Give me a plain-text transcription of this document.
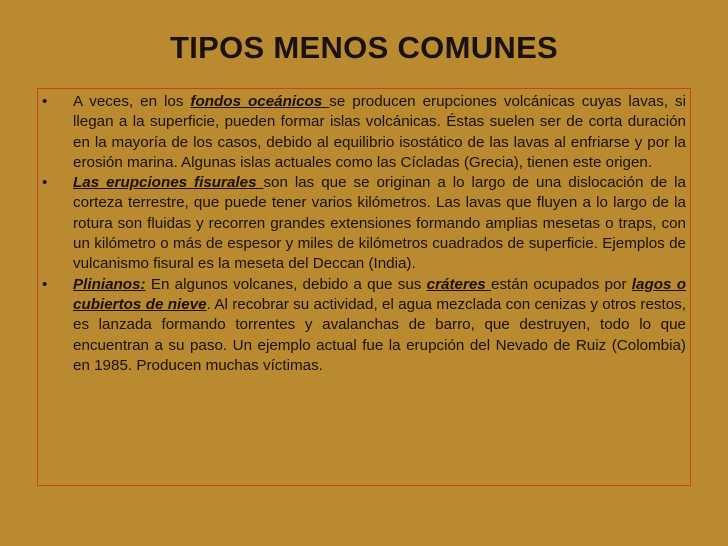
TIPOS MENOS COMUNES
• A veces, en los fondos oceánicos se producen erupciones volcánicas cuyas lavas, si llegan a la superficie, pueden formar islas volcánicas. Éstas suelen ser de corta duración en la mayoría de los casos, debido al equilibrio isostático de las lavas al enfriarse y por la erosión marina. Algunas islas actuales como las Cícladas (Grecia), tienen este origen.
• Las erupciones fisurales son las que se originan a lo largo de una dislocación de la corteza terrestre, que puede tener varios kilómetros. Las lavas que fluyen a lo largo de la rotura son fluidas y recorren grandes extensiones formando amplias mesetas o traps, con un kilómetro o más de espesor y miles de kilómetros cuadrados de superficie. Ejemplos de vulcanismo fisural es la meseta del Deccan (India).
• Plinianos: En algunos volcanes, debido a que sus cráteres están ocupados por lagos o cubiertos de nieve. Al recobrar su actividad, el agua mezclada con cenizas y otros restos, es lanzada formando torrentes y avalanchas de barro, que destruyen, todo lo que encuentran a su paso. Un ejemplo actual fue la erupción del Nevado de Ruiz (Colombia) en 1985. Producen muchas víctimas.
